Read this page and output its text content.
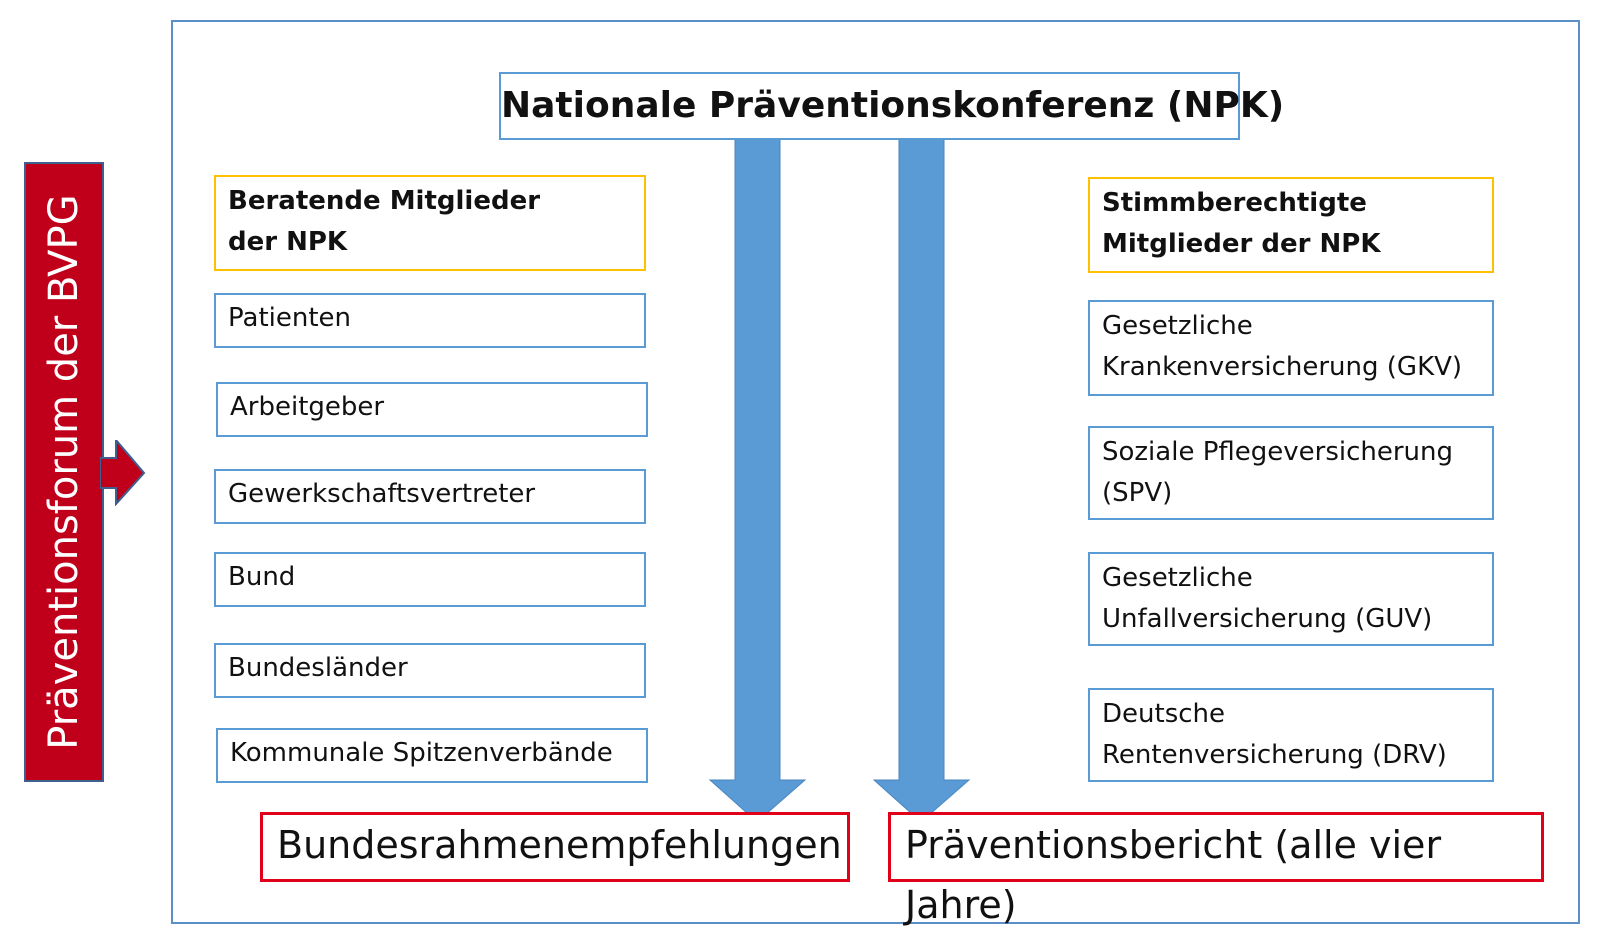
Präventionsforum der BVPG
Nationale Präventionskonferenz (NPK)
Beratende Mitglieder
der NPK
Patienten
Arbeitgeber
Gewerkschaftsvertreter
Bund
Bundesländer
Kommunale Spitzenverbände
Stimmberechtigte
Mitglieder der NPK
Gesetzliche
Krankenversicherung (GKV)
Soziale Pflegeversicherung
(SPV)
Gesetzliche
Unfallversicherung (GUV)
Deutsche
Rentenversicherung (DRV)
Bundesrahmenempfehlungen	Präventionsbericht (alle vier Jahre)
